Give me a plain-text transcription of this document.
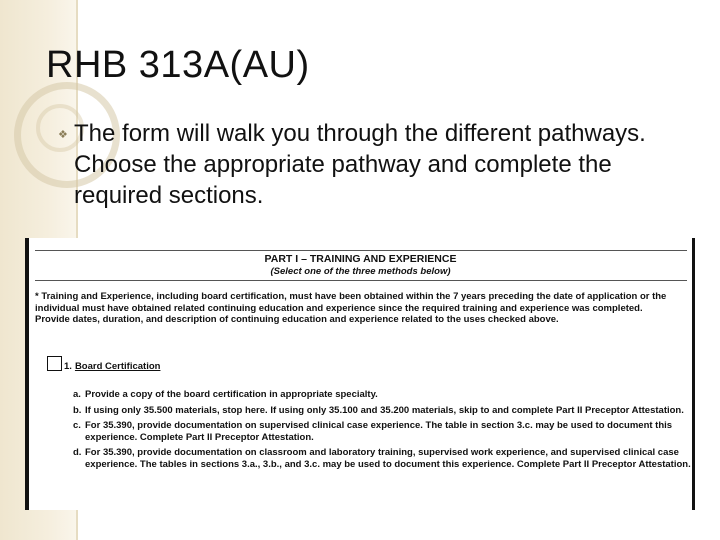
RHB 313A(AU)
❖ The form will walk you through the different pathways. Choose the appropriate pathway and complete the required sections.

PART I – TRAINING AND EXPERIENCE
(Select one of the three methods below)

* Training and Experience, including board certification, must have been obtained within the 7 years preceding the date of application or the individual must have obtained related continuing education and experience since the required training and experience was completed. Provide dates, duration, and description of continuing education and experience related to the uses checked above.

1. Board Certification
a. Provide a copy of the board certification in appropriate specialty.
b. If using only 35.500 materials, stop here. If using only 35.100 and 35.200 materials, skip to and complete Part II Preceptor Attestation.
c. For 35.390, provide documentation on supervised clinical case experience. The table in section 3.c. may be used to document this experience. Complete Part II Preceptor Attestation.
d. For 35.390, provide documentation on classroom and laboratory training, supervised work experience, and supervised clinical case experience. The tables in sections 3.a., 3.b., and 3.c. may be used to document this experience. Complete Part II Preceptor Attestation.
